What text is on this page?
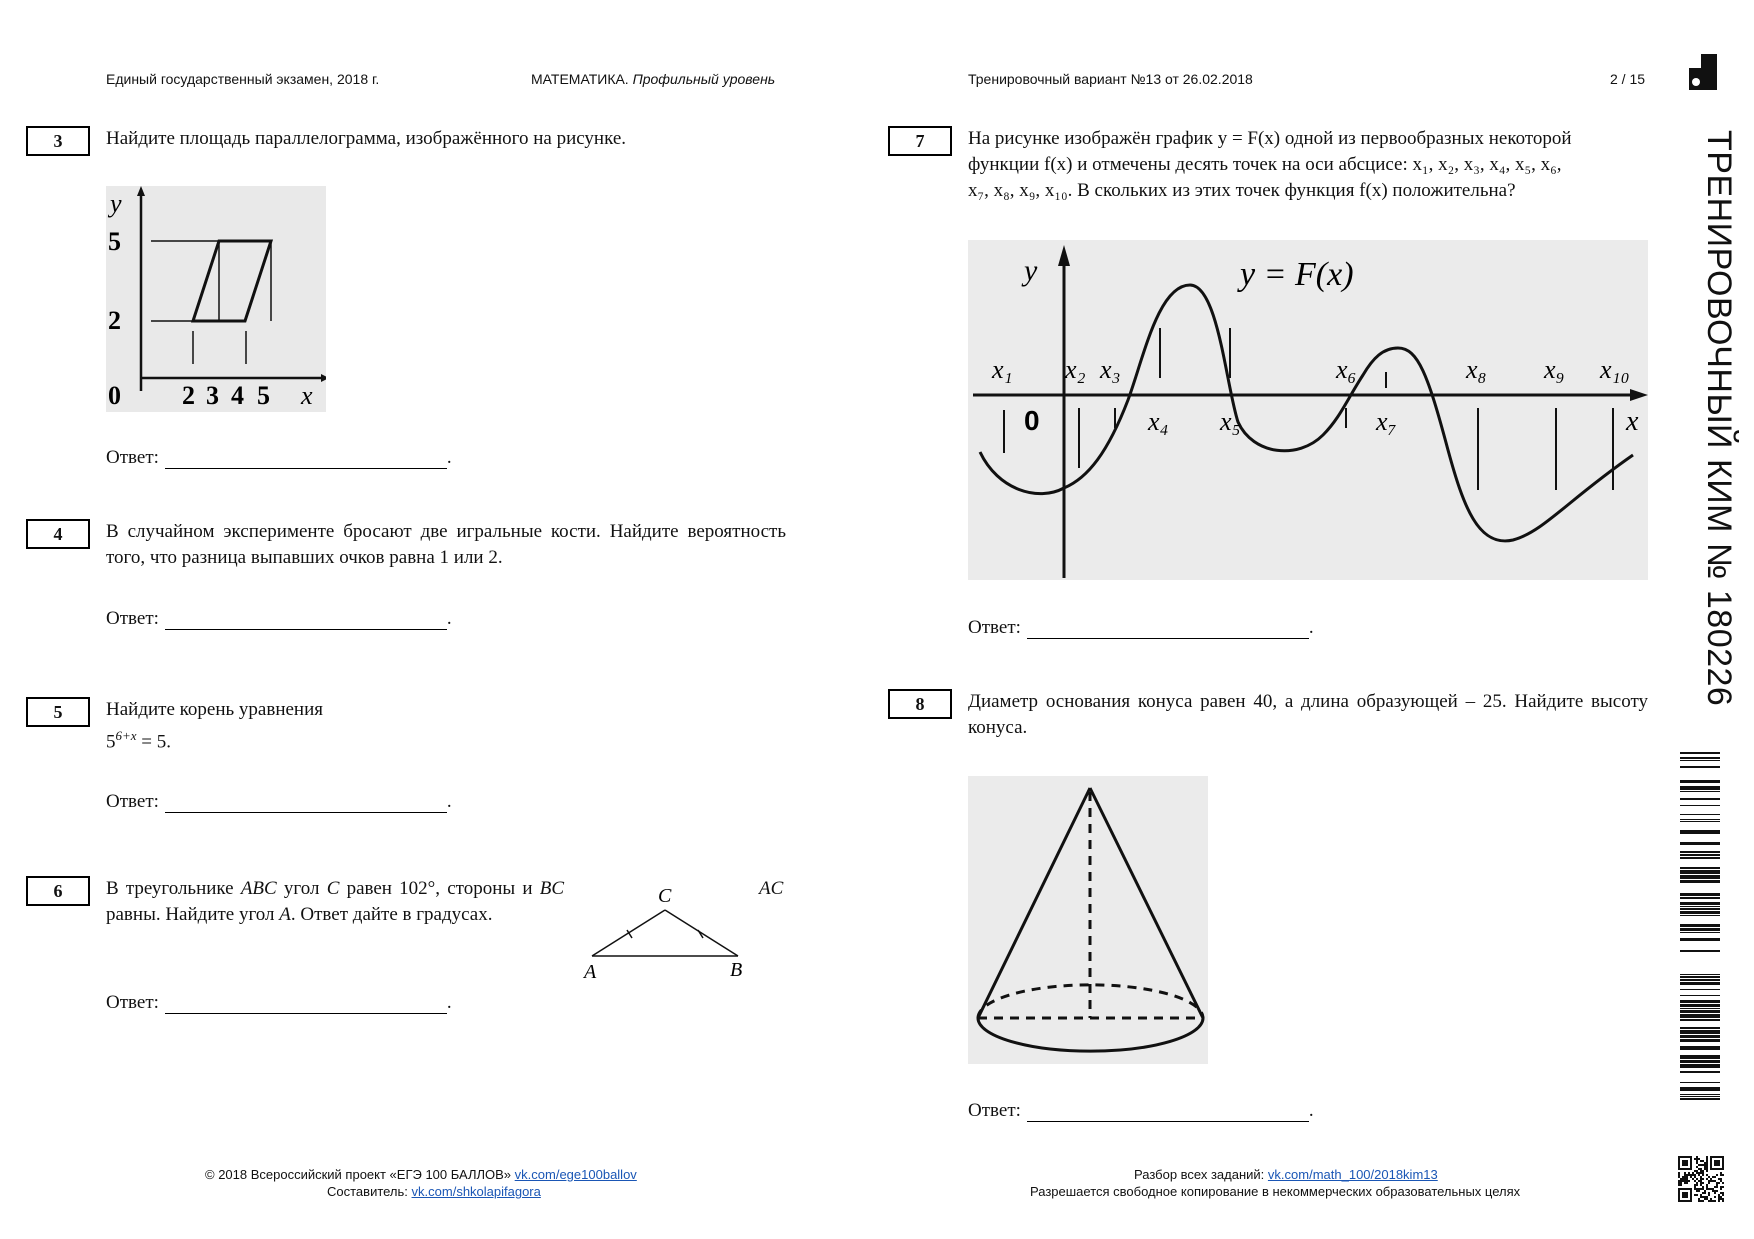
Единый государственный экзамен, 2018 г.	МАТЕМАТИКА. Профильный уровень	Тренировочный вариант №13 от 26.02.2018	2 / 15
ТРЕНИРОВОЧНЫЙ КИМ № 180226
3	Найдите площадь параллелограмма, изображённого на рисунке.
y
5
2
0 2 3 4 5 x
Ответ:	.
4	В случайном эксперименте бросают две игральные кости. Найдите вероятность того, что разница выпавших очков равна 1 или 2.
Ответ:	.
5	Найдите корень уравнения
$5^{6+x} = 5$.
Ответ:	.
6	В треугольнике ABC угол C равен 102°, стороны и BC равны. Найдите угол A. Ответ дайте в градусах.
AC
C
A	B
Ответ:	.
7	На рисунке изображён график y = F(x) одной из первообразных некоторой
функции f(x) и отмечены десять точек на оси абсцисе: x₁, x₂, x₃, x₄, x₅, x₆,
x₇, x₈, x₉, x₁₀. В скольких из этих точек функция f(x) положительна?
y
x
0
y = F(x)
x₁ x₂ x₃	x₆	x₈ x₉ x₁₀
x₄ x₅	x₇
Ответ:	.
8	Диаметр основания конуса равен 40, а длина образующей – 25. Найдите высоту конуса.
Ответ:	.
© 2018 Всероссийский проект «ЕГЭ 100 БАЛЛОВ» vk.com/ege100ballov
Составитель: vk.com/shkolapifagora
Разбор всех заданий: vk.com/math_100/2018kim13
Разрешается свободное копирование в некоммерческих образовательных целях
